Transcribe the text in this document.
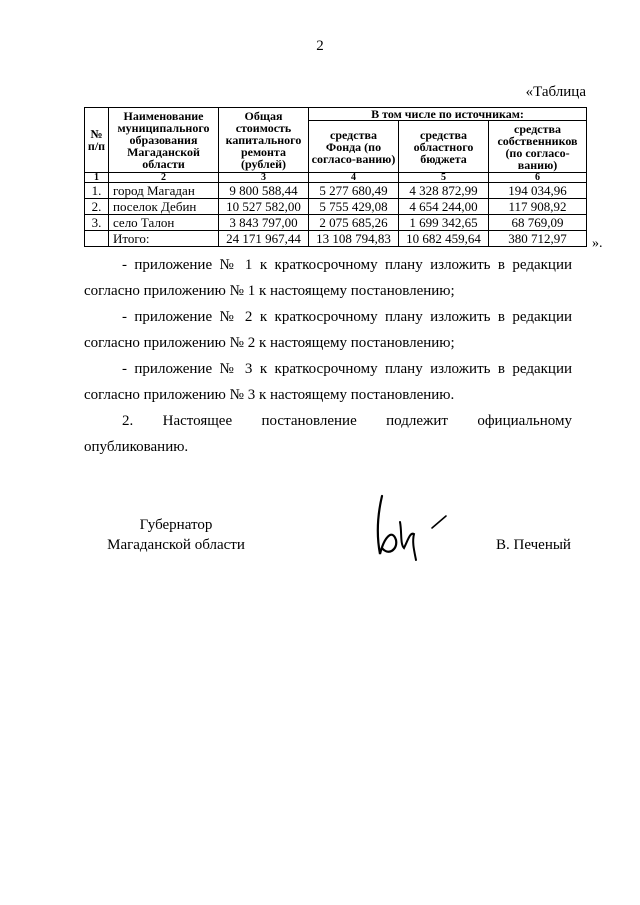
2
«Таблица
№ п/п	Наименование муниципального образования Магаданской области	Общая стоимость капитального ремонта (рублей)	В том числе по источникам:		
			средства Фонда (по согласо-ванию)	средства областного бюджета	средства собственников (по согласо-ванию)
1	2	3	4	5	6
1.	город Магадан	9 800 588,44	5 277 680,49	4 328 872,99	194 034,96
2.	поселок Дебин	10 527 582,00	5 755 429,08	4 654 244,00	117 908,92
3.	село Талон	3 843 797,00	2 075 685,26	1 699 342,65	68 769,09
	Итого:	24 171 967,44	13 108 794,83	10 682 459,64	380 712,97 ».
- приложение № 1 к краткосрочному плану изложить в редакции
согласно приложению № 1 к настоящему постановлению;
- приложение № 2 к краткосрочному плану изложить в редакции
согласно приложению № 2 к настоящему постановлению;
- приложение № 3 к краткосрочному плану изложить в редакции
согласно приложению № 3 к настоящему постановлению.
2. Настоящее постановление подлежит официальному
опубликованию.
Губернатор
Магаданской области	В. Печеный
